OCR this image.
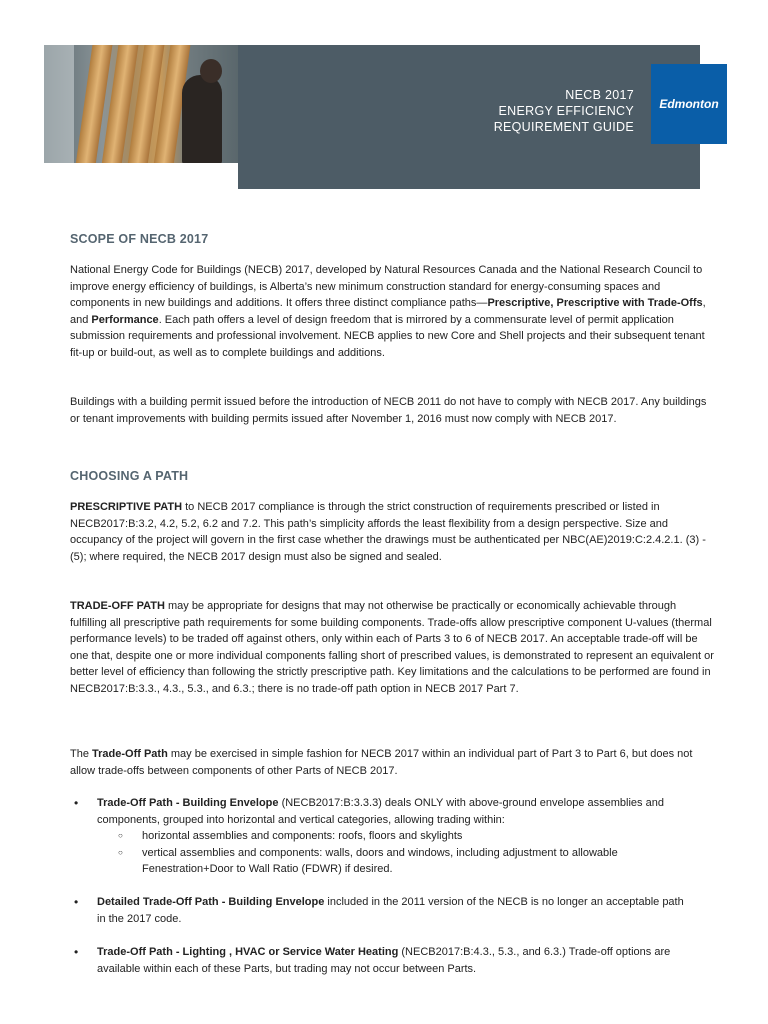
NECB 2017
ENERGY EFFICIENCY
REQUIREMENT GUIDE
Edmonton
SCOPE OF NECB 2017

National Energy Code for Buildings (NECB) 2017, developed by Natural Resources Canada and the National Research Council to improve energy efficiency of buildings, is Alberta’s new minimum construction standard for energy-consuming spaces and components in new buildings and additions. It offers three distinct compliance paths—Prescriptive, Prescriptive with Trade-Offs, and Performance. Each path offers a level of design freedom that is mirrored by a commensurate level of permit application submission requirements and professional involvement. NECB applies to new Core and Shell projects and their subsequent tenant fit-up or build-out, as well as to complete buildings and additions.

Buildings with a building permit issued before the introduction of NECB 2011 do not have to comply with NECB 2017. Any buildings or tenant improvements with building permits issued after November 1, 2016 must now comply with NECB 2017.

CHOOSING A PATH

PRESCRIPTIVE PATH to NECB 2017 compliance is through the strict construction of requirements prescribed or listed in NECB2017:B:3.2, 4.2, 5.2, 6.2 and 7.2. This path’s simplicity affords the least flexibility from a design perspective. Size and occupancy of the project will govern in the first case whether the drawings must be authenticated per NBC(AE)2019:C:2.4.2.1. (3) - (5); where required, the NECB 2017 design must also be signed and sealed.

TRADE-OFF PATH may be appropriate for designs that may not otherwise be practically or economically achievable through fulfilling all prescriptive path requirements for some building components. Trade-offs allow prescriptive component U-values (thermal performance levels) to be traded off against others, only within each of Parts 3 to 6 of NECB 2017. An acceptable trade-off will be one that, despite one or more individual components falling short of prescribed values, is demonstrated to represent an equivalent or better level of efficiency than following the strictly prescriptive path. Key limitations and the calculations to be performed are found in NECB2017:B:3.3., 4.3., 5.3., and 6.3.; there is no trade-off path option in NECB 2017 Part 7.

The Trade-Off Path may be exercised in simple fashion for NECB 2017 within an individual part of Part 3 to Part 6, but does not allow trade-offs between components of other Parts of NECB 2017.

• Trade-Off Path - Building Envelope (NECB2017:B:3.3.3) deals ONLY with above-ground envelope assemblies and components, grouped into horizontal and vertical categories, allowing trading within:
○ horizontal assemblies and components: roofs, floors and skylights
○ vertical assemblies and components: walls, doors and windows, including adjustment to allowable Fenestration+Door to Wall Ratio (FDWR) if desired.
• Detailed Trade-Off Path - Building Envelope included in the 2011 version of the NECB is no longer an acceptable path in the 2017 code.
• Trade-Off Path - Lighting , HVAC or Service Water Heating (NECB2017:B:4.3., 5.3., and 6.3.) Trade-off options are available within each of these Parts, but trading may not occur between Parts.
